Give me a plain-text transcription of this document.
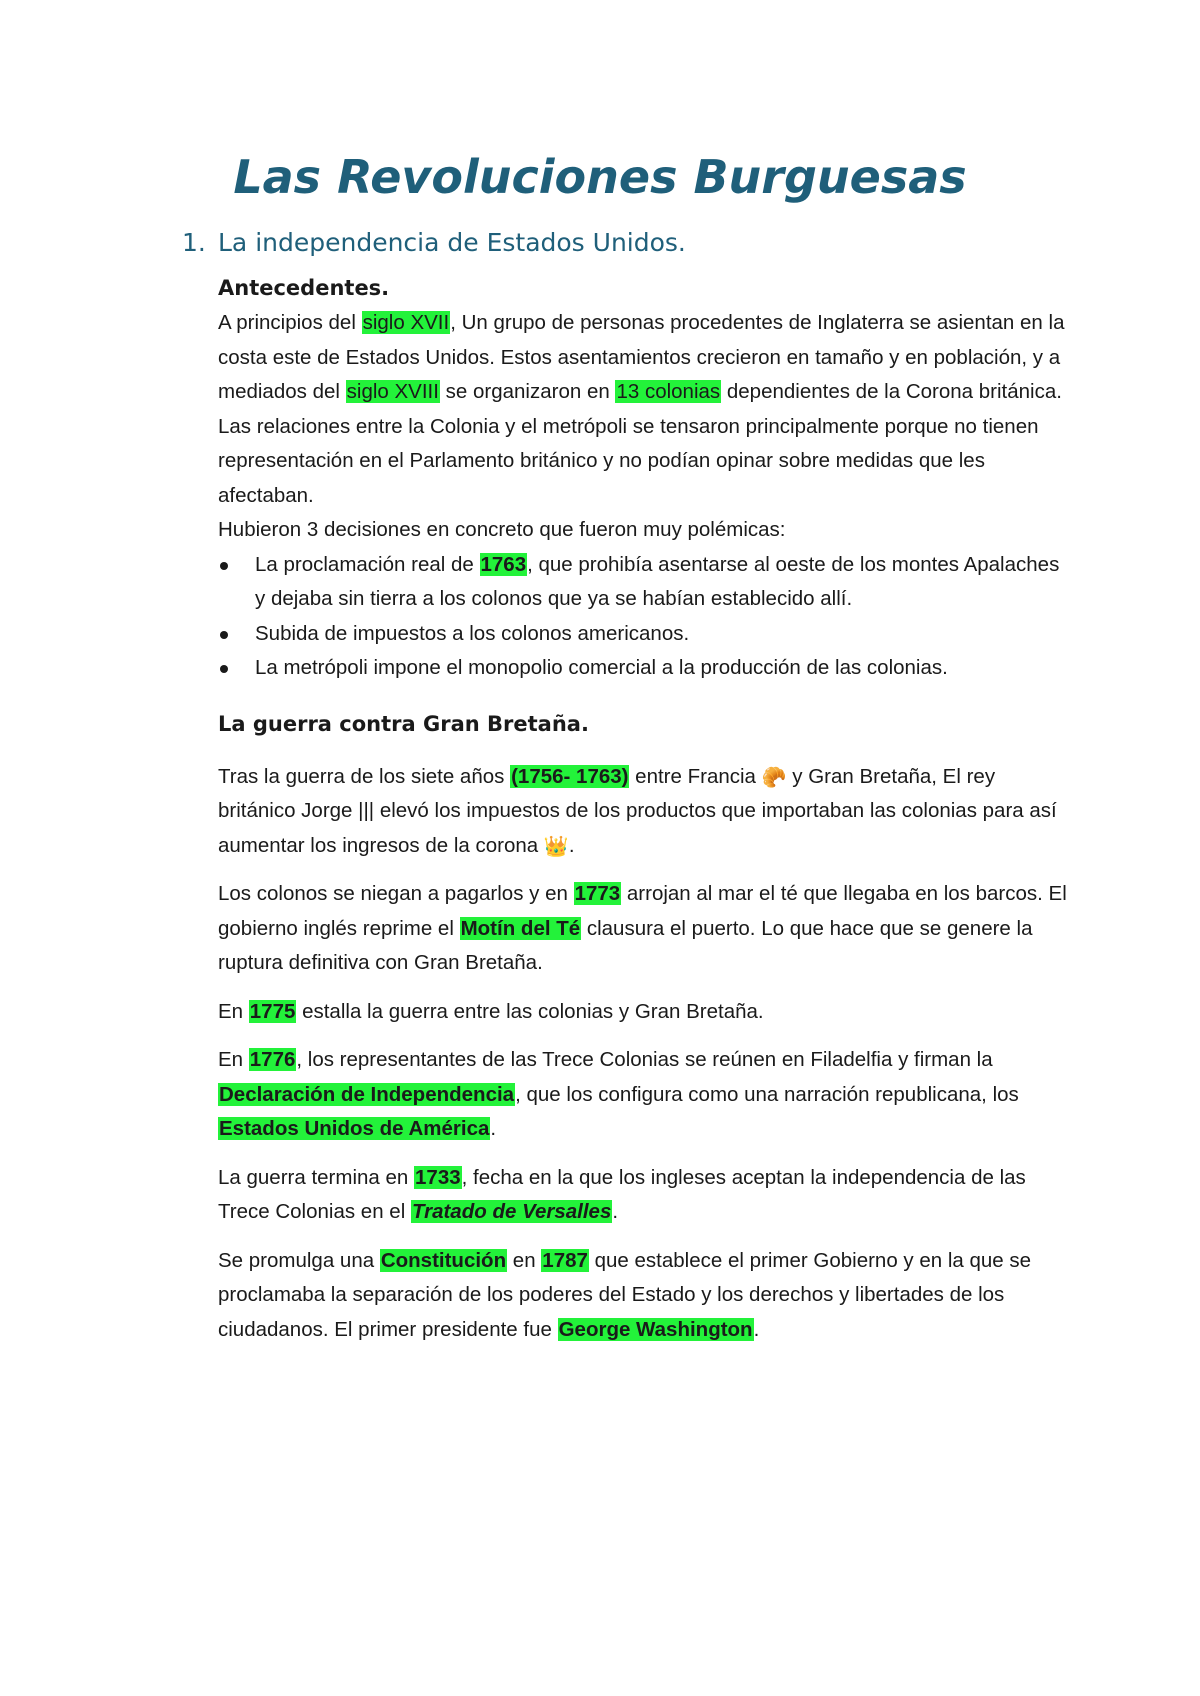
Las Revoluciones Burguesas
1. La independencia de Estados Unidos.

Antecedentes.

A principios del siglo XVII, Un grupo de personas procedentes de Inglaterra se asientan en la costa este de Estados Unidos. Estos asentamientos crecieron en tamaño y en población, y a mediados del siglo XVIII se organizaron en 13 colonias dependientes de la Corona británica.

Las relaciones entre la Colonia y el metrópoli se tensaron principalmente porque no tienen representación en el Parlamento británico y no podían opinar sobre medidas que les afectaban.

Hubieron 3 decisiones en concreto que fueron muy polémicas:

La proclamación real de 1763, que prohibía asentarse al oeste de los montes Apalaches y dejaba sin tierra a los colonos que ya se habían establecido allí.
Subida de impuestos a los colonos americanos.
La metrópoli impone el monopolio comercial a la producción de las colonias.

La guerra contra Gran Bretaña.

Tras la guerra de los siete años (1756- 1763) entre Francia 🥐 y Gran Bretaña, El rey británico Jorge ||| elevó los impuestos de los productos que importaban las colonias para así aumentar los ingresos de la corona 👑.

Los colonos se niegan a pagarlos y en 1773 arrojan al mar el té que llegaba en los barcos. El gobierno inglés reprime el Motín del Té clausura el puerto. Lo que hace que se genere la ruptura definitiva con Gran Bretaña.

En 1775 estalla la guerra entre las colonias y Gran Bretaña.

En 1776, los representantes de las Trece Colonias se reúnen en Filadelfia y firman la Declaración de Independencia, que los configura como una narración republicana, los Estados Unidos de América.

La guerra termina en 1733, fecha en la que los ingleses aceptan la independencia de las Trece Colonias en el Tratado de Versalles.

Se promulga una Constitución en 1787 que establece el primer Gobierno y en la que se proclamaba la separación de los poderes del Estado y los derechos y libertades de los ciudadanos. El primer presidente fue George Washington.
